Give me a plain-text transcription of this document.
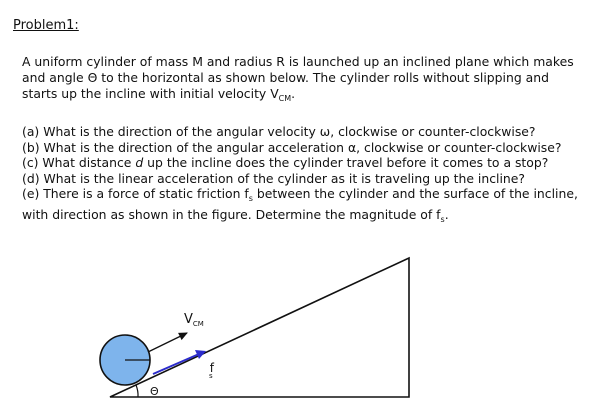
Problem1:

A uniform cylinder of mass M and radius R is launched up an inclined plane which makes and angle Θ to the horizontal as shown below. The cylinder rolls without slipping and starts up the incline with initial velocity $V_{CM}$.

(a) What is the direction of the angular velocity ω, clockwise or counter-clockwise?
(b) What is the direction of the angular acceleration α, clockwise or counter-clockwise?
(c) What distance d up the incline does the cylinder travel before it comes to a stop?
(d) What is the linear acceleration of the cylinder as it is traveling up the incline?
(e) There is a force of static friction $f_s$ between the cylinder and the surface of the incline, with direction as shown in the figure. Determine the magnitude of $f_s$.
$V_{CM}$
f s
Θ
